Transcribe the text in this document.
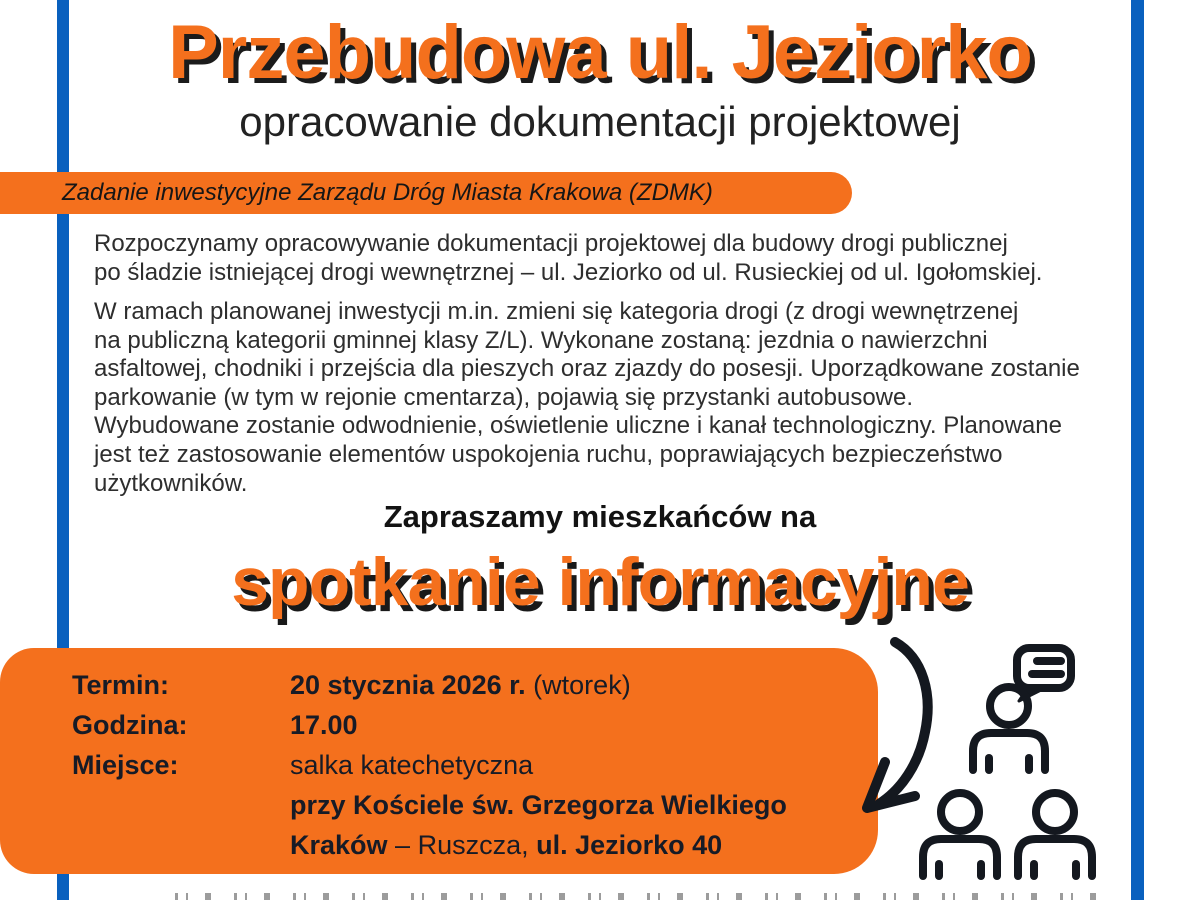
Przebudowa ul. Jeziorko
opracowanie dokumentacji projektowej
Zadanie inwestycyjne Zarządu Dróg Miasta Krakowa (ZDMK)
Rozpoczynamy opracowywanie dokumentacji projektowej dla budowy drogi publicznej
po śladzie istniejącej drogi wewnętrznej – ul. Jeziorko od ul. Rusieckiej od ul. Igołomskiej.
W ramach planowanej inwestycji m.in. zmieni się kategoria drogi (z drogi wewnętrzenej
na publiczną kategorii gminnej klasy Z/L). Wykonane zostaną: jezdnia o nawierzchni
asfaltowej, chodniki i przejścia dla pieszych oraz zjazdy do posesji. Uporządkowane zostanie
parkowanie (w tym w rejonie cmentarza), pojawią się przystanki autobusowe.
Wybudowane zostanie odwodnienie, oświetlenie uliczne i kanał technologiczny. Planowane
jest też zastosowanie elementów uspokojenia ruchu, poprawiających bezpieczeństwo
użytkowników.
Zapraszamy mieszkańców na
spotkanie informacyjne
Termin:	20 stycznia 2026 r. (wtorek)
Godzina:	17.00
Miejsce:	salka katechetyczna
przy Kościele św. Grzegorza Wielkiego
Kraków – Ruszcza, ul. Jeziorko 40
